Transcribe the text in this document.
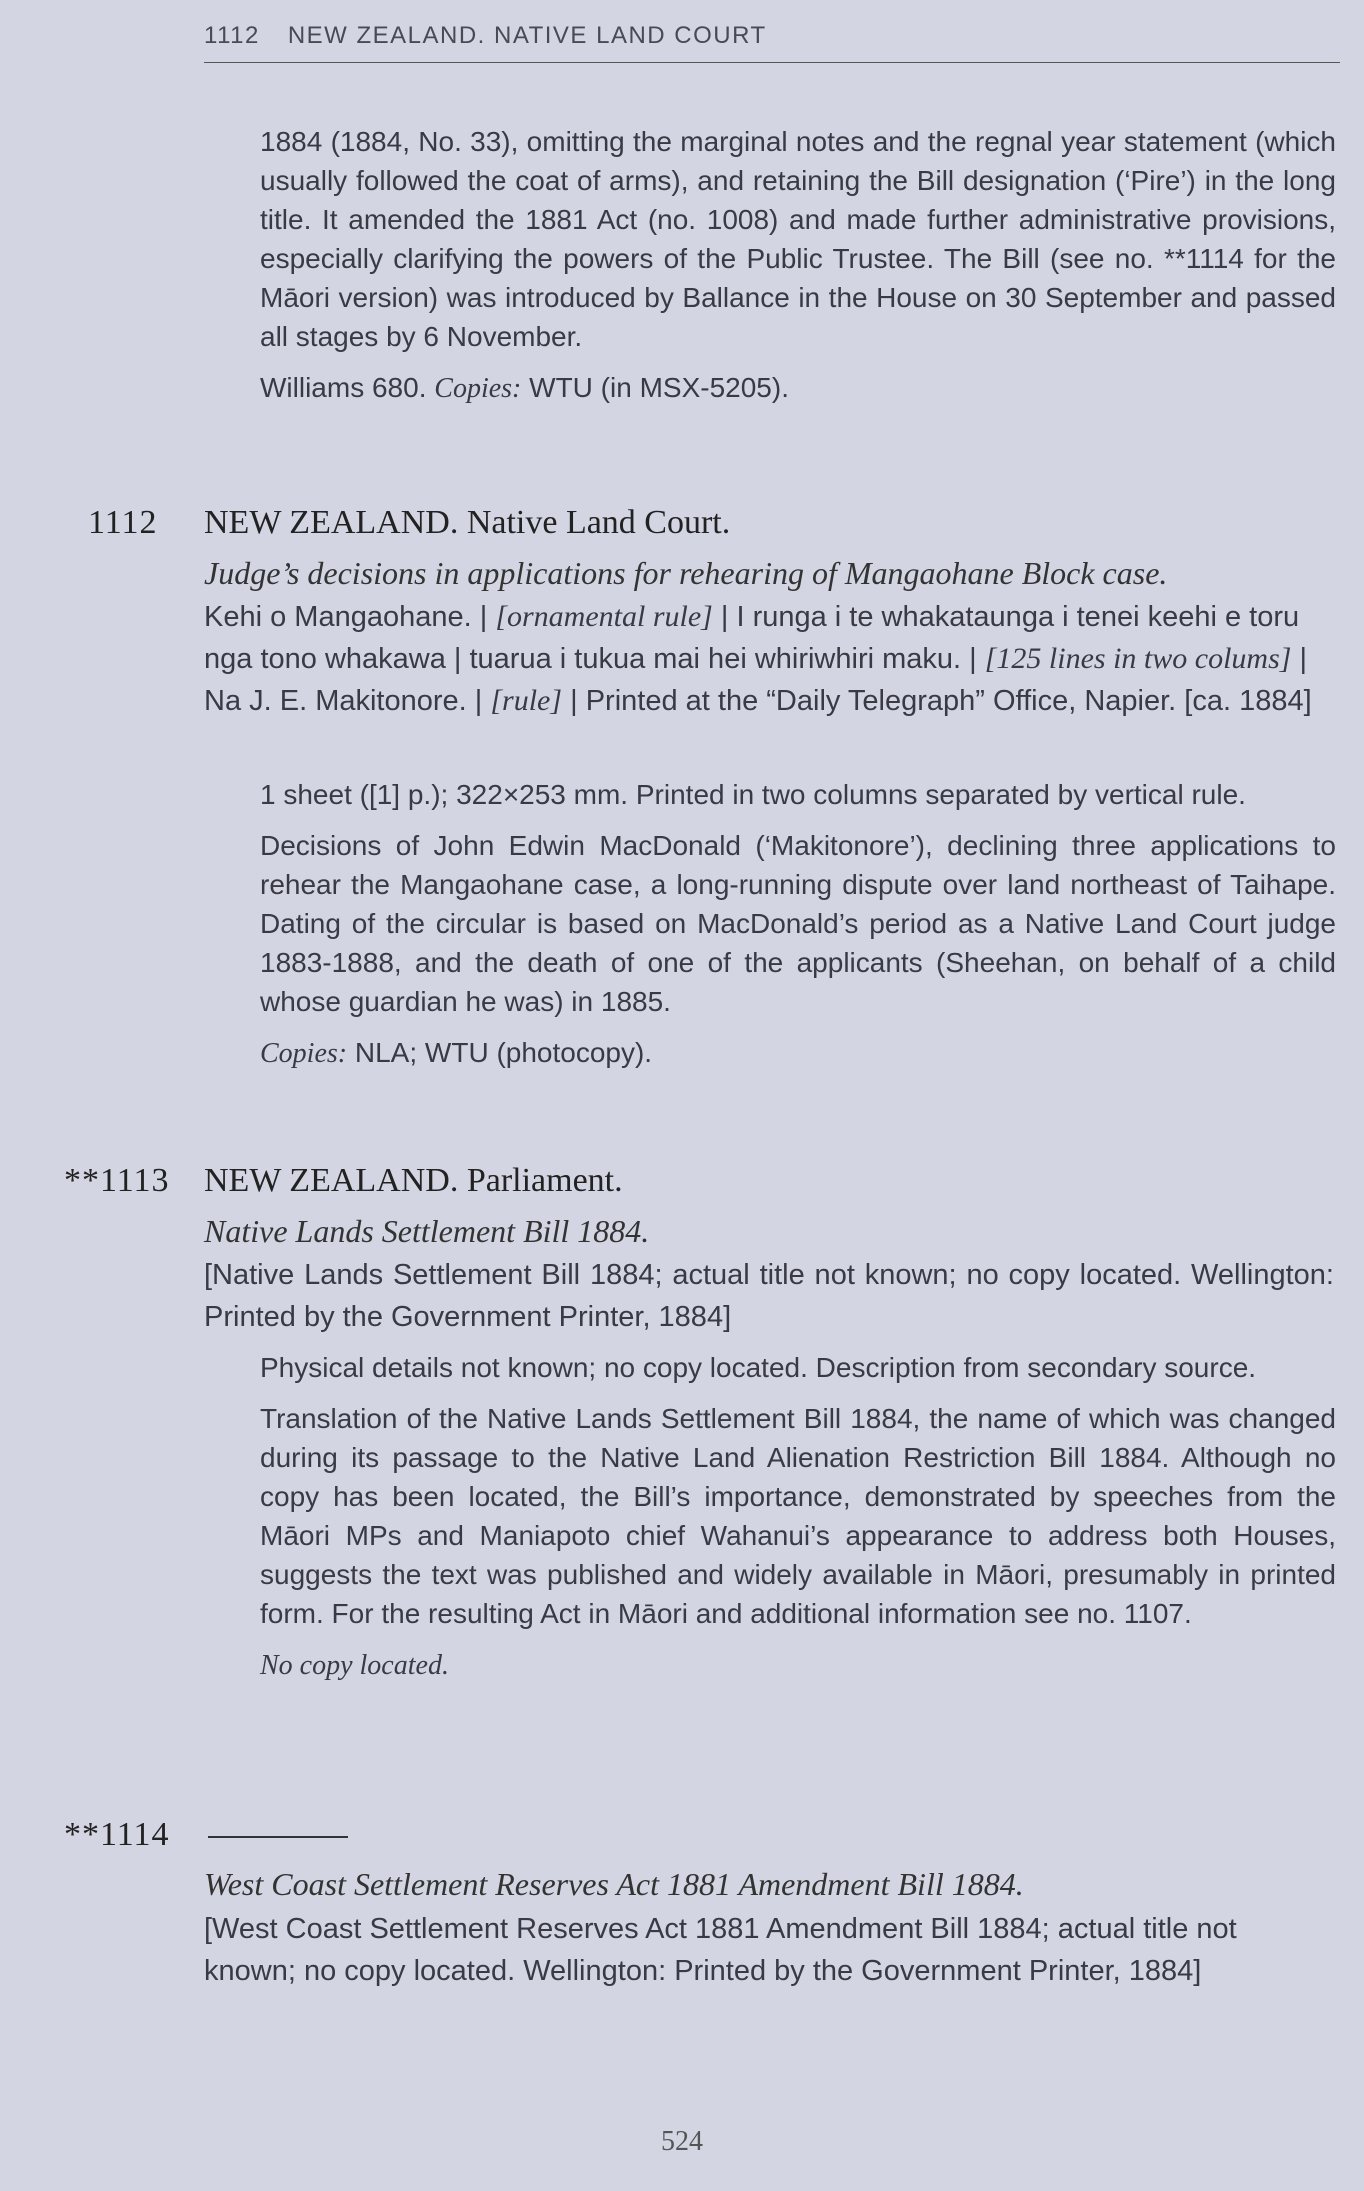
1112 NEW ZEALAND. NATIVE LAND COURT

1884 (1884, No. 33), omitting the marginal notes and the regnal year statement (which usually followed the coat of arms), and retaining the Bill designation (‘Pire’) in the long title. It amended the 1881 Act (no. 1008) and made further administrative provisions, especially clarifying the powers of the Public Trustee. The Bill (see no. **1114 for the Māori version) was introduced by Ballance in the House on 30 September and passed all stages by 6 November.

Williams 680. Copies: WTU (in MSX-5205).

1112 NEW ZEALAND. Native Land Court.
Judge’s decisions in applications for rehearing of Mangaohane Block case.

Kehi o Mangaohane. | [ornamental rule] | I runga i te whakataunga i tenei keehi e toru nga tono whakawa | tuarua i tukua mai hei whiriwhiri maku. | [125 lines in two colums] | Na J. E. Makitonore. | [rule] | Printed at the “Daily Telegraph” Office, Napier. [ca. 1884]

1 sheet ([1] p.); 322×253 mm. Printed in two columns separated by vertical rule.

Decisions of John Edwin MacDonald (‘Makitonore’), declining three applications to rehear the Mangaohane case, a long-running dispute over land northeast of Taihape. Dating of the circular is based on MacDonald’s period as a Native Land Court judge 1883-1888, and the death of one of the applicants (Sheehan, on behalf of a child whose guardian he was) in 1885.

Copies: NLA; WTU (photocopy).

**1113 NEW ZEALAND. Parliament.
Native Lands Settlement Bill 1884.

[Native Lands Settlement Bill 1884; actual title not known; no copy located. Wellington: Printed by the Government Printer, 1884]

Physical details not known; no copy located. Description from secondary source.

Translation of the Native Lands Settlement Bill 1884, the name of which was changed during its passage to the Native Land Alienation Restriction Bill 1884. Although no copy has been located, the Bill’s importance, demonstrated by speeches from the Māori MPs and Maniapoto chief Wahanui’s appearance to address both Houses, suggests the text was published and widely available in Māori, presumably in printed form. For the resulting Act in Māori and additional information see no. 1107.

No copy located.

**1114
West Coast Settlement Reserves Act 1881 Amendment Bill 1884.

[West Coast Settlement Reserves Act 1881 Amendment Bill 1884; actual title not known; no copy located. Wellington: Printed by the Government Printer, 1884]

524
